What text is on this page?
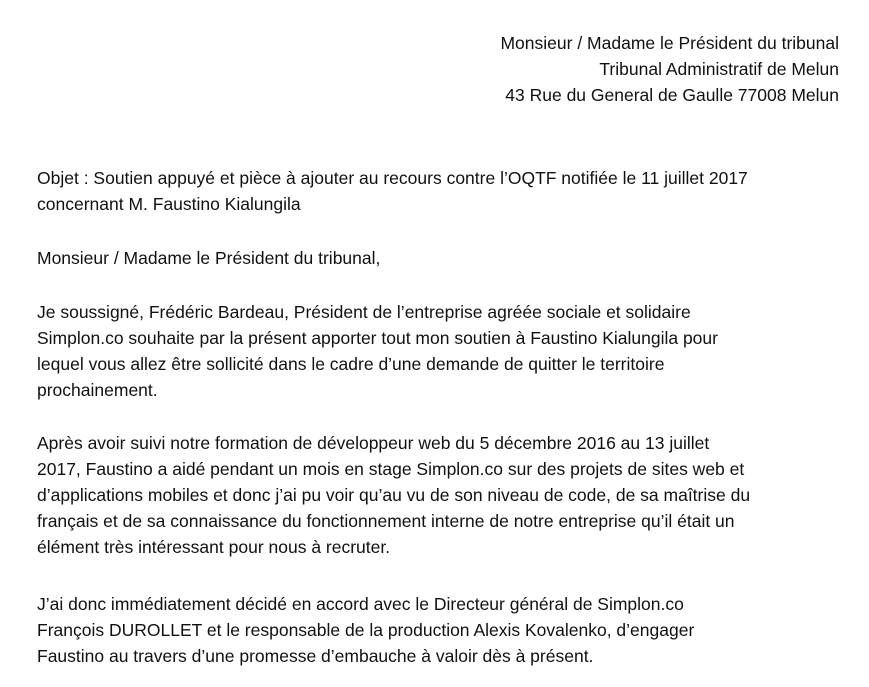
Monsieur / Madame le Président du tribunal
Tribunal Administratif de Melun
43 Rue du General de Gaulle 77008 Melun
Objet : Soutien appuyé et pièce à ajouter au recours contre l’OQTF notifiée le 11 juillet 2017
concernant M. Faustino Kialungila
Monsieur / Madame le Président du tribunal,
Je soussigné, Frédéric Bardeau, Président de l’entreprise agréée sociale et solidaire
Simplon.co souhaite par la présent apporter tout mon soutien à Faustino Kialungila pour
lequel vous allez être sollicité dans le cadre d’une demande de quitter le territoire
prochainement.
Après avoir suivi notre formation de développeur web du 5 décembre 2016 au 13 juillet
2017, Faustino a aidé pendant un mois en stage Simplon.co sur des projets de sites web et
d’applications mobiles et donc j’ai pu voir qu’au vu de son niveau de code, de sa maîtrise du
français et de sa connaissance du fonctionnement interne de notre entreprise qu’il était un
élément très intéressant pour nous à recruter.
J’ai donc immédiatement décidé en accord avec le Directeur général de Simplon.co
François DUROLLET et le responsable de la production Alexis Kovalenko, d’engager
Faustino au travers d’une promesse d’embauche à valoir dès à présent.
